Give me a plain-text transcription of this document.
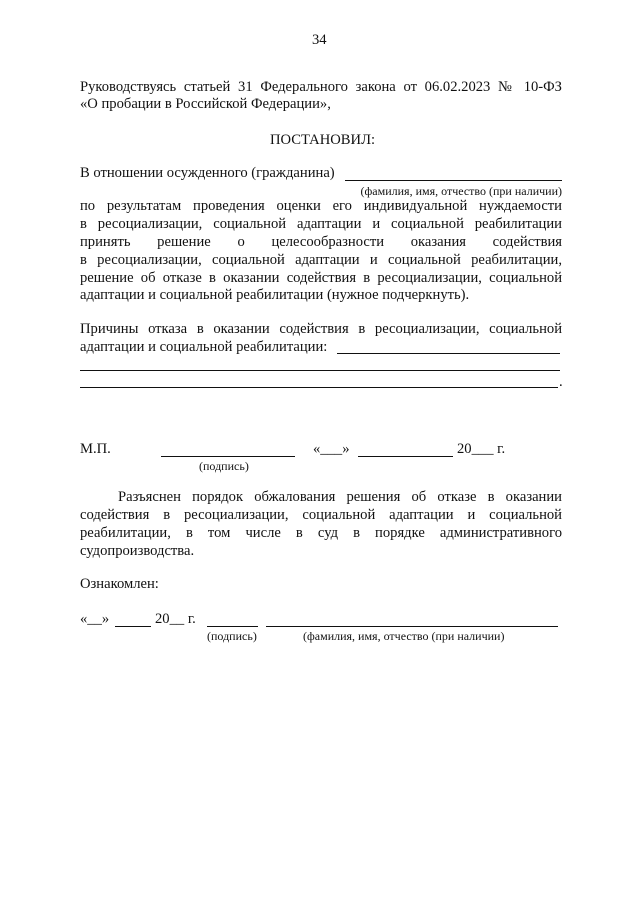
34
Руководствуясь статьей 31 Федерального закона от 06.02.2023 № 10-ФЗ
«О пробации в Российской Федерации»,
ПОСТАНОВИЛ:
В отношении осужденного (гражданина)
(фамилия, имя, отчество (при наличии)
по результатам проведения оценки его индивидуальной нуждаемости
в ресоциализации, социальной адаптации и социальной реабилитации
принять решение о целесообразности оказания содействия
в ресоциализации, социальной адаптации и социальной реабилитации,
решение об отказе в оказании содействия в ресоциализации, социальной
адаптации и социальной реабилитации (нужное подчеркнуть).
Причины отказа в оказании содействия в ресоциализации, социальной
адаптации и социальной реабилитации:
.
М.П.
(подпись)
«___»	20___ г.
Разъяснен порядок обжалования решения об отказе в оказании
содействия в ресоциализации, социальной адаптации и социальной
реабилитации, в том числе в суд в порядке административного
судопроизводства.
Ознакомлен:
«__»	20__ г.
(подпись)	(фамилия, имя, отчество (при наличии)
